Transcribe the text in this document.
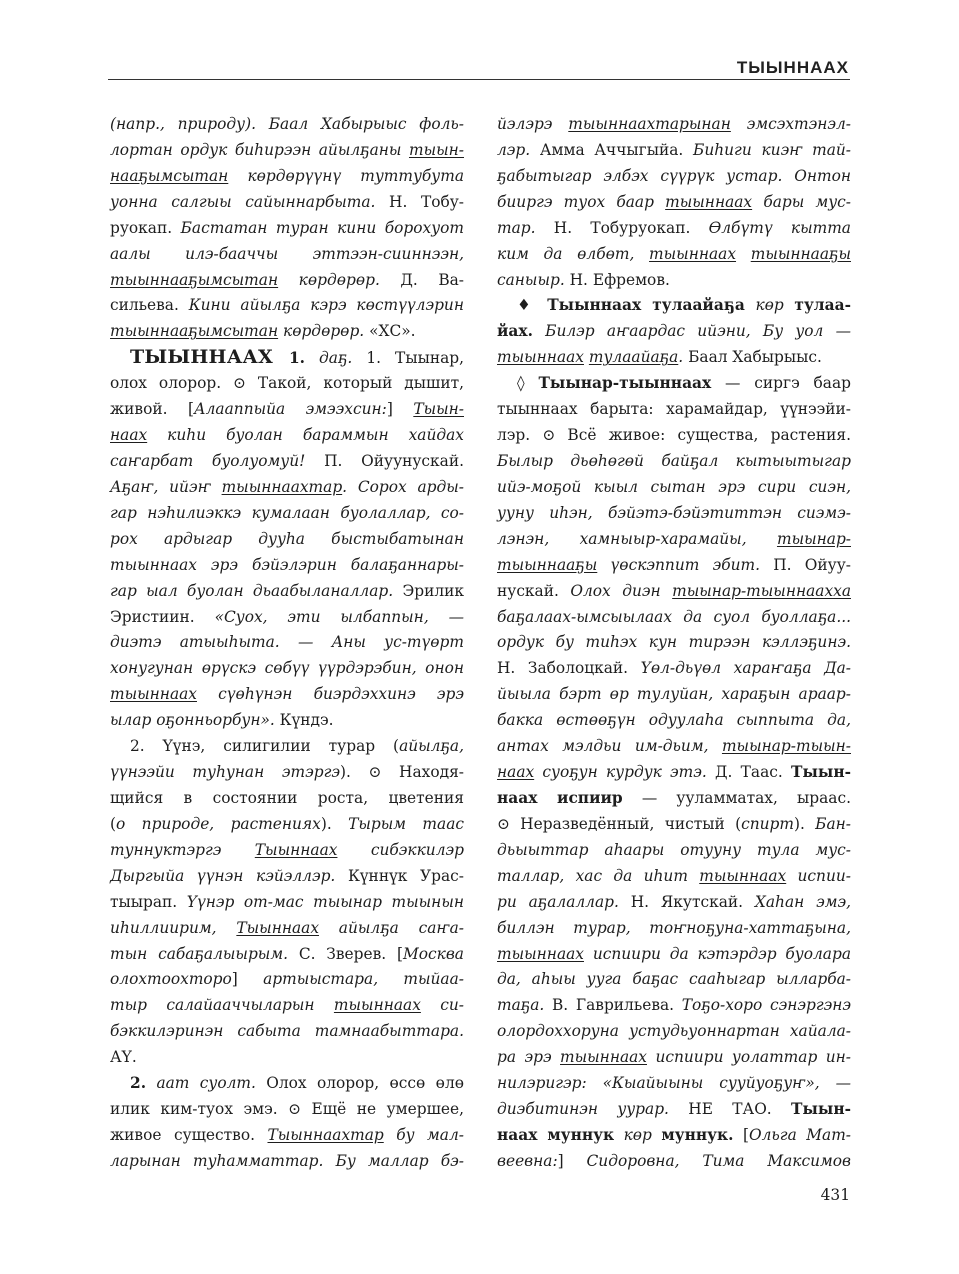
ТЫЫННААХ
(напр., природу). Баал Хабырыыс фоль-
лортан ордук биһирээн айылҕаны тыын-
нааҕымсытан көрдөрүүнү туттубута
уонна салгыы сайыннарбыта. Н. Тобу-
руокап. Бастатан туран кини борохуот
аалы илэ-бааччы эттээн-сииннээн,
тыыннааҕымсытан көрдөрөр. Д. Ва-
сильева. Кини айылҕа кэрэ көстүүлэрин
тыыннааҕымсытан көрдөрөр. «ХС».
ТЫЫННААХ 1. даҕ. 1. Тыынар,
олох олорор. ⊙ Такой, который дышит,
живой. [Алааппыйа эмээхсин:] Тыын-
наах киһи буолан бараммын хайдах
саҥарбат буолуомуй! П. Ойуунускай.
Аҕаҥ, ийэҥ тыыннаахтар. Сорох арды-
гар нэһилиэккэ кумалаан буолаллар, со-
рох ардыгар дууһа быстыбатынан
тыыннаах эрэ бэйэлэрин балаҕаннары-
гар ыал буолан дьаабыланаллар. Эрилик
Эристиин. «Суох, эти ылбаппын, —
диэтэ атыыһыта. — Аны ус-түөрт
хонугунан өрүскэ сөбүү үүрдэрэбин, онон
тыыннаах сүөһүнэн биэрдэххинэ эрэ
ылар оҕонньорбун». Күндэ.
2. Үүнэ, силигилии турар (айылҕа,
үүнээйи туһунан этэргэ). ⊙ Находя-
щийся в состоянии роста, цветения
(о природе, растениях). Тырым таас
туннуктэргэ Тыыннаах сибэккилэр
Дыргыйа үүнэн кэйэллэр. Күннүк Урас-
тыырап. Үүнэр от-мас тыынар тыынын
иһиллиирим, Тыыннаах айылҕа саҥа-
тын сабаҕалыырым. С. Зверев. [Москва
олохтоохторо] артыыстара, тыйаа-
тыр салайааччыларын тыыннаах си-
бэккилэринэн сабыта тамнаабыттара.
АҮ.
2. аат суолт. Олох олорор, өссө өлө
илик ким-туох эмэ. ⊙ Ещё не умершее,
живое существо. Тыыннаахтар бу мал-
ларынан туһамматтар. Бу маллар бэ-
йэлэрэ тыыннаахтарынан эмсэхтэнэл-
лэр. Амма Аччыгыйа. Биһиги киэҥ тай-
ҕабытыгар элбэх сүүрүк устар. Онтон
бииргэ туох баар тыыннаах бары мус-
тар. Н. Тобуруокап. Өлбүтү кытта
ким да өлбөт, тыыннаах тыыннааҕы
саныыр. Н. Ефремов.
♦ Тыыннаах тулаайаҕа көр тулаа-
йах. Билэр аҥаардас ийэни, Бу уол —
тыыннаах тулаайаҕа. Баал Хабырыыс.
◊ Тыынар-тыыннаах — сиргэ баар
тыыннаах барыта: харамайдар, үүнээйи-
лэр. ⊙ Всё живое: существа, растения.
Былыр дьөһөгөй байҕал кытыытыгар
ийэ-моҕой кыыл сытан эрэ сири сиэн,
ууну иһэн, бэйэтэ-бэйэтиттэн сиэмэ-
лэнэн, хамныыр-харамайы, тыынар-
тыыннааҕы үөскэппит эбит. П. Ойуу-
нускай. Олох диэн тыынар-тыыннаахха
баҕалаах-ымсыылаах да суол буоллаҕа...
ордук бу тиһэх кун тирээн кэллэҕинэ.
Н. Заболоцкай. Үөл-дьүөл хараҥаҕа Да-
йыыла бэрт өр тулуйан, хараҕын араар-
бакка өстөөҕүн одуулаһа сыппыта да,
антах мэлдьи им-дьим, тыынар-тыын-
наах суоҕун курдук этэ. Д. Таас. Тыын-
наах испиир — ууламматах, ыраас.
⊙ Неразведённый, чистый (спирт). Бан-
дьыыттар аһаары отууну тула мус-
таллар, хас да иһит тыыннаах испии-
ри аҕалаллар. Н. Якутскай. Хаһан эмэ,
биллэн турар, тоҥноҕуна-хаттаҕына,
тыыннаах испиири да кэтэрдэр буолара
да, аһыы ууга баҕас сааһыгар ылларба-
таҕа. В. Гаврильева. Тоҕо-хоро сэнэргэнэ
олордоххоруна устудьуоннартан хайала-
ра эрэ тыыннаах испиири уолаттар ин-
нилэригэр: «Кыайыыны сууйуоҕуҥ», —
диэбитинэн уурар. НЕ ТАО. Тыын-
наах муннук көр муннук. [Ольга Мат-
веевна:] Сидоровна, Тима Максимов
431
